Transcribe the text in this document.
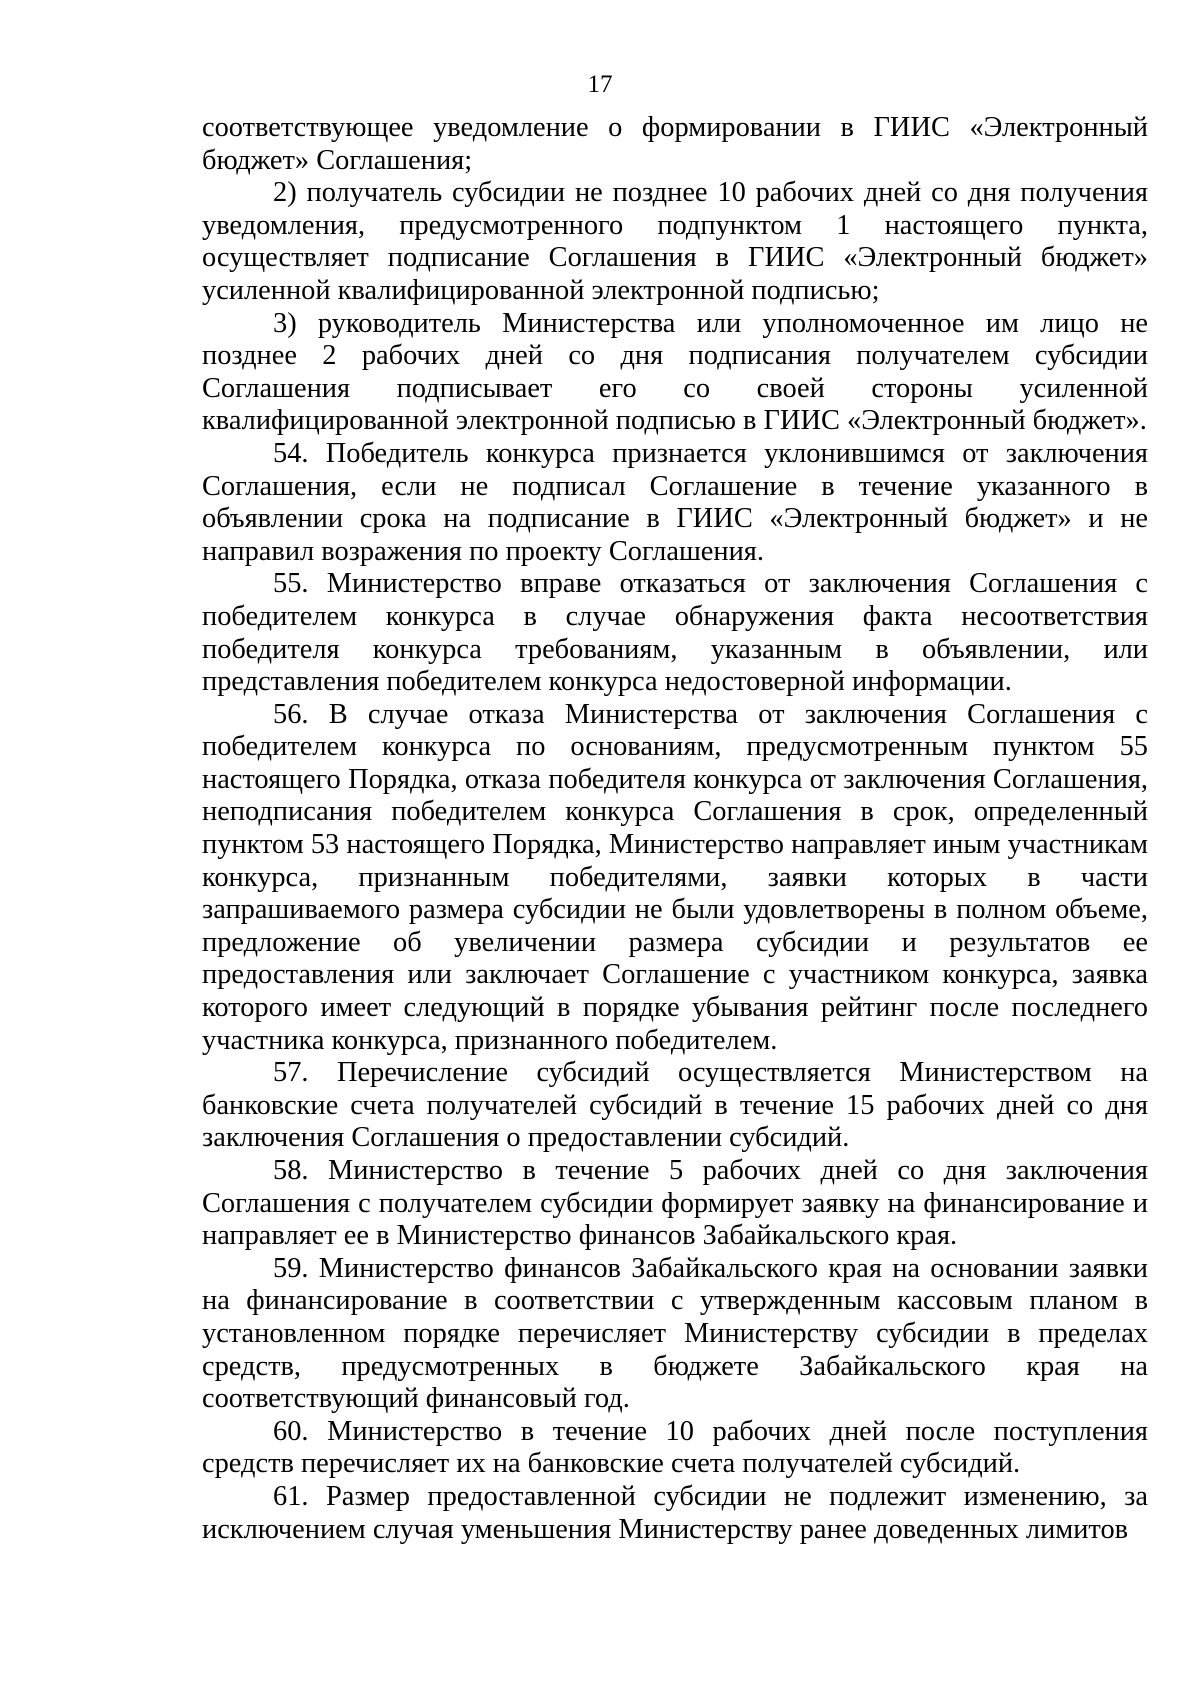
17

соответствующее уведомление о формировании в ГИИС «Электронный бюджет» Соглашения;

2) получатель субсидии не позднее 10 рабочих дней со дня получения уведомления, предусмотренного подпунктом 1 настоящего пункта, осуществляет подписание Соглашения в ГИИС «Электронный бюджет» усиленной квалифицированной электронной подписью;

3) руководитель Министерства или уполномоченное им лицо не позднее 2 рабочих дней со дня подписания получателем субсидии Соглашения подписывает его со своей стороны усиленной квалифицированной электронной подписью в ГИИС «Электронный бюджет».

54. Победитель конкурса признается уклонившимся от заключения Соглашения, если не подписал Соглашение в течение указанного в объявлении срока на подписание в ГИИС «Электронный бюджет» и не направил возражения по проекту Соглашения.

55. Министерство вправе отказаться от заключения Соглашения с победителем конкурса в случае обнаружения факта несоответствия победителя конкурса требованиям, указанным в объявлении, или представления победителем конкурса недостоверной информации.

56. В случае отказа Министерства от заключения Соглашения с победителем конкурса по основаниям, предусмотренным пунктом 55 настоящего Порядка, отказа победителя конкурса от заключения Соглашения, неподписания победителем конкурса Соглашения в срок, определенный пунктом 53 настоящего Порядка, Министерство направляет иным участникам конкурса, признанным победителями, заявки которых в части запрашиваемого размера субсидии не были удовлетворены в полном объеме, предложение об увеличении размера субсидии и результатов ее предоставления или заключает Соглашение с участником конкурса, заявка которого имеет следующий в порядке убывания рейтинг после последнего участника конкурса, признанного победителем.

57. Перечисление субсидий осуществляется Министерством на банковские счета получателей субсидий в течение 15 рабочих дней со дня заключения Соглашения о предоставлении субсидий.

58. Министерство в течение 5 рабочих дней со дня заключения Соглашения с получателем субсидии формирует заявку на финансирование и направляет ее в Министерство финансов Забайкальского края.

59. Министерство финансов Забайкальского края на основании заявки на финансирование в соответствии с утвержденным кассовым планом в установленном порядке перечисляет Министерству субсидии в пределах средств, предусмотренных в бюджете Забайкальского края на соответствующий финансовый год.

60. Министерство в течение 10 рабочих дней после поступления средств перечисляет их на банковские счета получателей субсидий.

61. Размер предоставленной субсидии не подлежит изменению, за исключением случая уменьшения Министерству ранее доведенных лимитов
